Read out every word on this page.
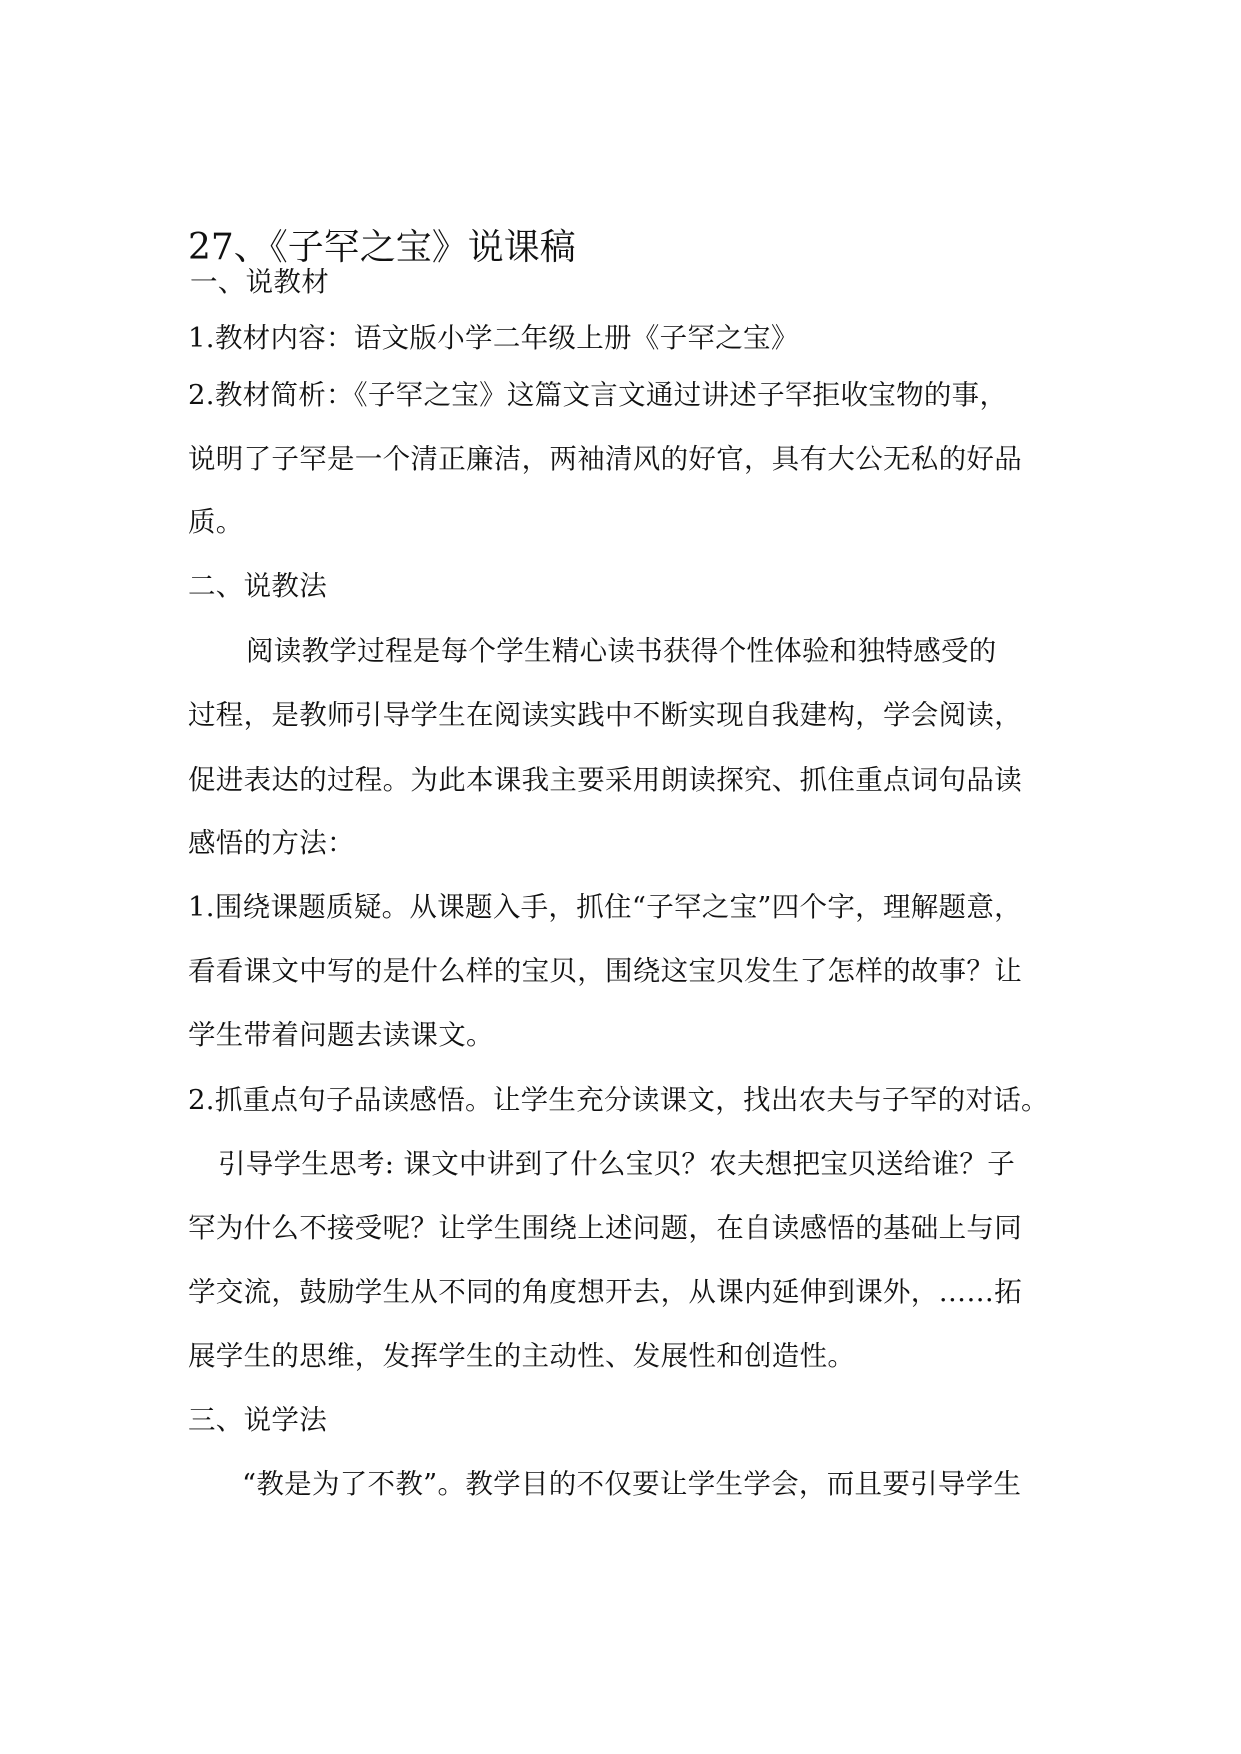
27、《子罕之宝》说课稿
一、说教材
1.教材内容：语文版小学二年级上册《子罕之宝》
2.教材简析：《子罕之宝》这篇文言文通过讲述子罕拒收宝物的事，
说明了子罕是一个清正廉洁，两袖清风的好官，具有大公无私的好品
质。
二、说教法
阅读教学过程是每个学生精心读书获得个性体验和独特感受的
过程，是教师引导学生在阅读实践中不断实现自我建构，学会阅读，
促进表达的过程。为此本课我主要采用朗读探究、抓住重点词句品读
感悟的方法：
1.围绕课题质疑。从课题入手，抓住“子罕之宝”四个字，理解题意，
看看课文中写的是什么样的宝贝，围绕这宝贝发生了怎样的故事？让
学生带着问题去读课文。
2.抓重点句子品读感悟。让学生充分读课文，找出农夫与子罕的对话。
引导学生思考: 课文中讲到了什么宝贝？农夫想把宝贝送给谁？子
罕为什么不接受呢？让学生围绕上述问题，在自读感悟的基础上与同
学交流，鼓励学生从不同的角度想开去，从课内延伸到课外，……拓
展学生的思维，发挥学生的主动性、发展性和创造性。
三、说学法
“教是为了不教”。教学目的不仅要让学生学会，而且要引导学生
